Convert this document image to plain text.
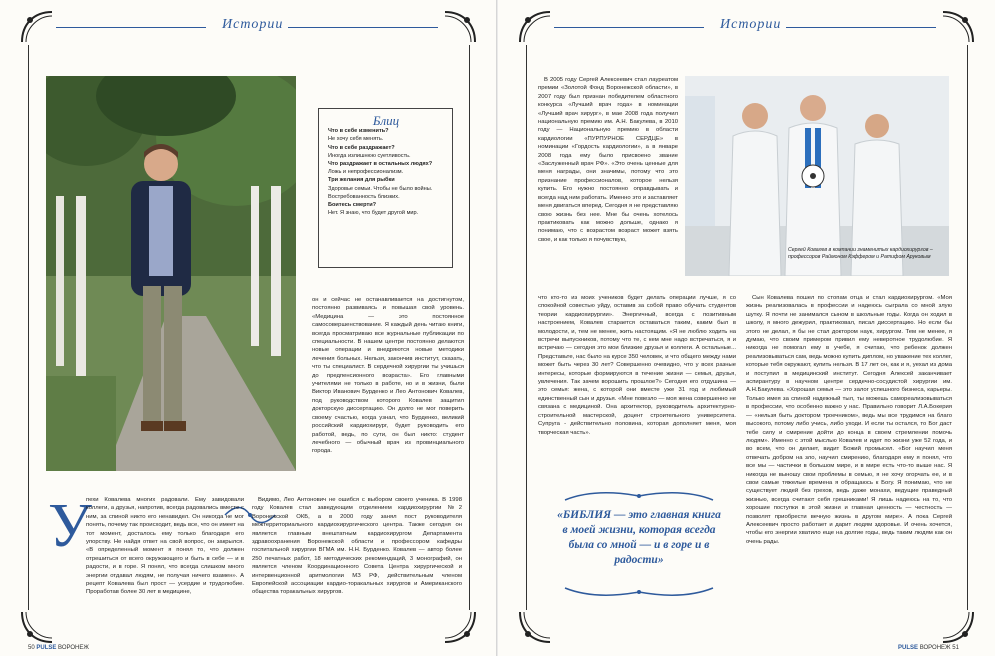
Истории
Блиц

Что в себе изменить?

Не хочу себя менять.

Что в себе раздражает?

Иногда излишнюю суетливость.

Что раздражает в остальных людях?

Ложь и непрофессионализм.

Три желания для рыбки

Здоровье семьи. Чтобы не было войны. Востребованность близких.

Боитесь смерти?

Нет. Я знаю, что будет другой мир.

он и сейчас не останавливается на достигнутом, постоянно развиваясь и повышая свой уровень. «Медицина — это постоянное самосовершенствование. Я каждый день читаю книги, всегда просматриваю все журнальные публикации по специальности. В нашем центре постоянно делаются новые операции и внедряются новые методики лечения больных. Нельзя, закончив институт, сказать, что ты специалист. В сердечной хирургии ты учишься до предпенсионного возраста». Его главными учителями не только в работе, но и в жизни, были Виктор Иванович Бурденко и Лео Антонович Ковалев, под руководством которого Ковалев защитил докторскую диссертацию. Он долго не мог поверить своему счастью, когда узнал, что Бурденко, великий российский кардиохирург, будет руководить его работой, ведь, по сути, он был никто: студент лечебного — обычный врач из провинциального города.

У

пехи Ковалева многих радовали. Ему завидовали коллеги, а друзья, напротив, всегда радовались вместе с ним, за спиной никто его ненавидел. Он никогда не мог понять, почему так происходит, ведь все, что он имеет на тот момент, досталось ему только благодаря его упорству. Не найдя ответ на свой вопрос, он закрылся. «В определенный момент я понял то, что должен отрешиться от всего окружающего и быть в себе — и в радости, и в горе. Я понял, что всегда слишком много энергии отдавал людям, не получая ничего взамен». А рецепт Ковалева был прост — усердие и трудолюбие. Проработав более 30 лет в медицине,

Видимо, Лео Антонович не ошибся с выбором своего ученика. В 1998 году Ковалев стал заведующим отделением кардиохирургии №2 Воронежской ОКБ, а в 2000 году занял пост руководителя межтерриториального кардиохирургического центра. Также сегодня он является главным внештатным кардиохирургом Департамента здравоохранения Воронежской области и профессором кафедры госпитальной хирургии ВГМА им. Н.Н. Бурденко. Ковалев — автор более 250 печатных работ, 18 методических рекомендаций, 3 монографий, он является членом Координационного Совета Центра хирургической и интервенционной аритмологии МЗ РФ, действительным членом Европейской ассоциации кардио-торакальных хирургов и Американского общества торакальных хирургов.

50 PULSE ВОРОНЕЖ
Истории

В 2005 году Сергей Алексеевич стал лауреатом премии «Золотой Фонд Воронежской области», в 2007 году был признан победителем областного конкурса «Лучший врач года» в номинации «Лучший врач хирург», в мае 2008 года получил национальную премию им. А.Н. Бакулева, в 2010 году — Национальную премию в области кардиологии «ПУРПУРНОЕ СЕРДЦЕ» в номинации «Гордость кардиологии», а в январе 2008 года ему было присвоено звание «Заслуженный врач РФ». «Это очень ценные для меня награды, они значимы, потому что это признание профессионалов, которое нельзя купить. Его нужно постоянно оправдывать и всегда над ним работать. Именно это и заставляет меня двигаться вперед. Сегодня я не представляю свою жизнь без нее. Мне бы очень хотелось практиковать как можно дольше, однако я понимаю, что с возрастом возраст может взять свое, и как только я почувствую,

что кто-то из моих учеников будет делать операции лучше, я со спокойной совестью уйду, оставив за собой право обучать студентов теории кардиохирургии». Энергичный, всегда с позитивным настроением, Ковалев старается оставаться таким, каким был в молодости, и, тем не менее, жить настоящим. «Я не люблю ходить на встречи выпускников, потому что те, с кем мне надо встречаться, я и встречаю — сегодня это мои близкие друзья и коллеги. А остальные... Представьте, нас было на курсе 350 человек, и что общего между нами может быть через 30 лет? Совершенно очевидно, что у всех разные интересы, которые формируются в течение жизни — семья, друзья, увлечения. Так зачем ворошить прошлое?» Сегодня его отдушина — это семья: жена, с которой они вместе уже 31 год и любимый единственный сын и друзья. «Мне повезло — моя жена совершенно не связана с медициной. Она архитектор, руководитель архитектурно-строительной мастерской, доцент строительного университета. Супруга - действительно половина, которая дополняет меня, моя творческая часть».

Сын Ковалева пошел по стопам отца и стал кардиохирургом. «Моя жизнь реализовалась в профессии и надеюсь сыграла со мной злую шутку. Я почти не занимался сыном в школьные годы. Когда он ходил в школу, я много дежурил, практиковал, писал диссертацию. Но если бы этого не делал, я бы не стал доктором наук, хирургом. Тем не менее, я думаю, что своим примером привил ему неверотное трудолюбие. Я никогда не помогал ему в учебе, я считаю, что ребенок должен реализовываться сам, ведь можно купить диплом, но уважение тех коллег, которые тебя окружают, купить нельзя. В 17 лет он, как и я, уехал из дома и поступил в медицинский институт. Сегодня Алексей заканчивает аспирантуру в научном центре сердечно-сосудистой хирургии им. А.Н.Бакулева. «Хорошая семья — это залог успешного бизнеса, карьеры. Только имея за спиной надежный тыл, ты можешь самореализовываться в профессии, что особенно важно у нас. Правильно говорит Л.А.Бокерия — «нельзя быть доктором троечником», ведь мы все трудимся на благо высокого, потому либо учись, либо уходи. И если ты остался, то Бог даст тебе силу и смирение дойти до конца в своем стремлении помочь людям». Именно с этой мыслью Ковалев и идет по жизни уже 52 года, и во всем, что он делает, видит Божий промысел. «Бог научил меня отвечать добром на зло, научил смирению, благодаря ему я понял, что все мы — частички в большом мире, и в мире есть что-то выше нас. Я никогда не выношу свои проблемы в семью, я не хочу огорчать ее, и в свои самые тяжелые времена я обращаюсь к Богу. Я понимаю, что не существует людей без грехов, ведь даже монахи, ведущие праведный жизнью, всегда считают себя грешниками! Я лишь надеюсь на то, что хорошие поступки в этой жизни и главная ценность — честность — позволят приобрести вечную жизнь в другом мире». А пока Сергей Алексеевич просто работает и дарит людям здоровье. И очень хочется, чтобы его энергии хватило еще на долгие годы, ведь таким людям как он очень рады.

Сергей Ковалев в компании знаменитых кардиохирургов – профессоров Раймоном Кэффером и Ратифом Аруковым
«БИБЛИЯ — это главная книга в моей жизни, которая всегда была со мной — и в горе и в радости»
PULSE ВОРОНЕЖ 51
